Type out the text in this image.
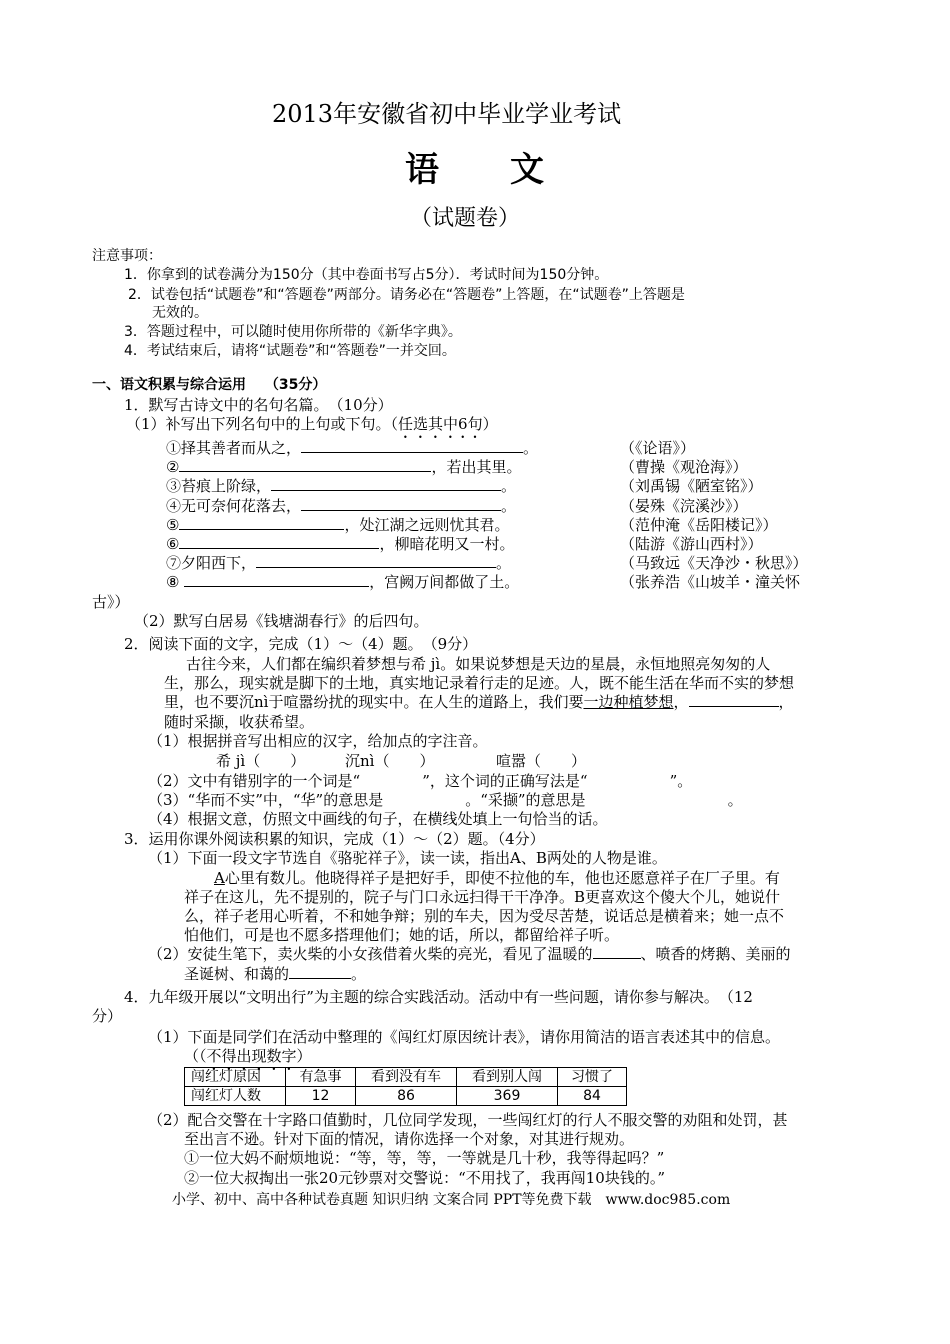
2013年安徽省初中毕业学业考试
语 文
（试题卷）
注意事项：
1．你拿到的试卷满分为150分（其中卷面书写占5分）．考试时间为150分钟。
2．试卷包括“试题卷”和“答题卷”两部分。请务必在“答题卷”上答题，在“试题卷”上答题是
无效的。
3．答题过程中，可以随时使用你所带的《新华字典》。
4．考试结束后，请将“试题卷”和“答题卷”一并交回。
一、语文积累与综合运用 （35分）
1．默写古诗文中的名句名篇。　（10分）
（1）补写出下列名句中的上句或下句。（任选其中6句）
①择其善者而从之，	。	（《论语》）
②	，若出其里。	（曹操《观沧海》）
③苔痕上阶绿，	。	（刘禹锡《陋室铭》）
④无可奈何花落去，	。	（晏殊《浣溪沙》）
⑤	，处江湖之远则忧其君。	（范仲淹《岳阳楼记》）
⑥	，柳暗花明又一村。	（陆游《游山西村》）
⑦夕阳西下，	。	（马致远《天净沙・秋思》）
⑧	，宫阙万间都做了土。	（张养浩《山坡羊・潼关怀
古》）
（2）默写白居易《钱塘湖春行》的后四句。
2．阅读下面的文字，完成（1）～（4）题。　（9分）
古往今来，人们都在编织着梦想与希 jì。如果说梦想是天边的星晨，永恒地照亮匆匆的人
生，那么，现实就是脚下的土地，真实地记录着行走的足迹。人，既不能生活在华而不实的梦想
里，也不要沉nì于喧嚣纷扰的现实中。在人生的道路上，我们要一边种植梦想，	，
随时采撷，收获希望。
（1）根据拼音写出相应的汉字，给加点的字注音。
希 jì（　　）	沉nì（　　）	喧嚣（　　）
（2）文中有错别字的一个词是“	”，这个词的正确写法是“	”。
（3）“华而不实”中，“华”的意思是	。“采撷”的意思是	。
（4）根据文意，仿照文中画线的句子，在横线处填上一句恰当的话。
3．运用你课外阅读积累的知识，完成（1）～（2）题。（4分）
（1）下面一段文字节选自《骆驼祥子》，读一读，指出A、B两处的人物是谁。
A心里有数儿。他晓得祥子是把好手，即使不拉他的车，他也还愿意祥子在厂子里。有
祥子在这儿，先不提别的，院子与门口永远扫得干干净净。B更喜欢这个傻大个儿，她说什
么，祥子老用心听着，不和她争辩；别的车夫，因为受尽苦楚，说话总是横着来；她一点不
怕他们，可是也不愿多搭理他们；她的话，所以，都留给祥子听。
（2）安徒生笔下，卖火柴的小女孩借着火柴的亮光，看见了温暖的	、喷香的烤鹅、美丽的
圣诞树、和蔼的	。
4．九年级开展以“文明出行”为主题的综合实践活动。活动中有一些问题，请你参与解决。　（12
分）
（1）下面是同学们在活动中整理的《闯红灯原因统计表》，请你用简洁的语言表述其中的信息。
（（不得出现数字）
闯红灯原因	有急事	看到没有车	看到别人闯	习惯了
闯红灯人数	12	86	369	84
（2）配合交警在十字路口值勤时，几位同学发现，一些闯红灯的行人不服交警的劝阻和处罚，甚
至出言不逊。针对下面的情况，请你选择一个对象，对其进行规劝。
①一位大妈不耐烦地说：“等，等，等，一等就是几十秒，我等得起吗？”
②一位大叔掏出一张20元钞票对交警说：“不用找了，我再闯10块钱的。”
小学、初中、高中各种试卷真题 知识归纳 文案合同 PPT等免费下载　www.doc985.com
